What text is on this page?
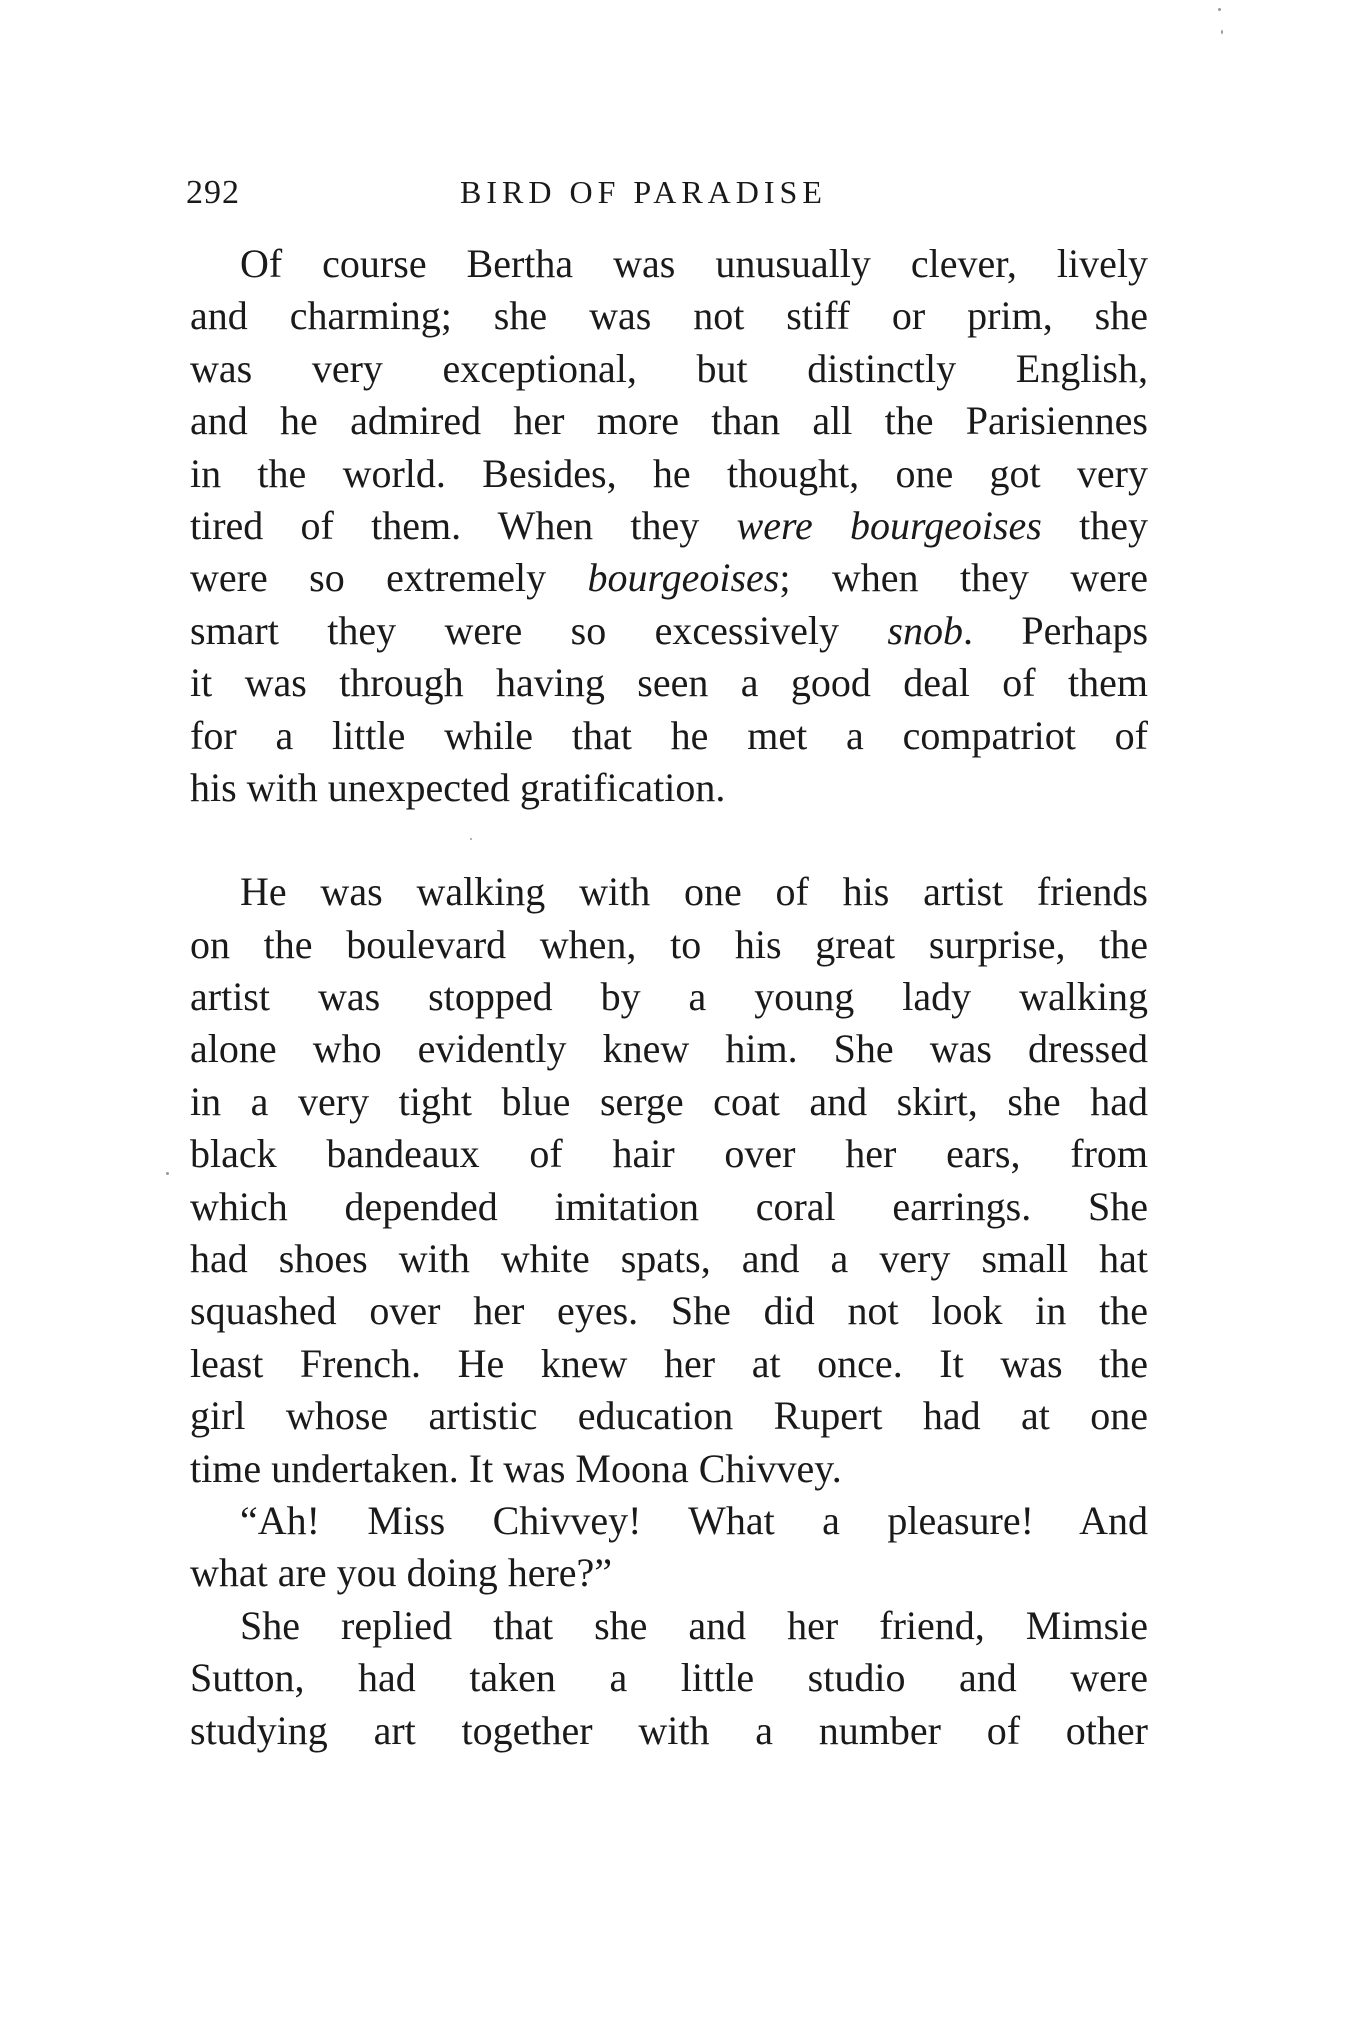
292	BIRD OF PARADISE
Of course Bertha was unusually clever, lively
and charming; she was not stiff or prim, she
was very exceptional, but distinctly English,
and he admired her more than all the Parisiennes
in the world. Besides, he thought, one got very
tired of them. When they were bourgeoises they
were so extremely bourgeoises; when they were
smart they were so excessively snob. Perhaps
it was through having seen a good deal of them
for a little while that he met a compatriot of
his with unexpected gratification.
He was walking with one of his artist friends
on the boulevard when, to his great surprise, the
artist was stopped by a young lady walking
alone who evidently knew him. She was dressed
in a very tight blue serge coat and skirt, she had
black bandeaux of hair over her ears, from
which depended imitation coral earrings. She
had shoes with white spats, and a very small hat
squashed over her eyes. She did not look in the
least French. He knew her at once. It was the
girl whose artistic education Rupert had at one
time undertaken. It was Moona Chivvey.
“Ah! Miss Chivvey! What a pleasure! And
what are you doing here?”
She replied that she and her friend, Mimsie
Sutton, had taken a little studio and were
studying art together with a number of other
